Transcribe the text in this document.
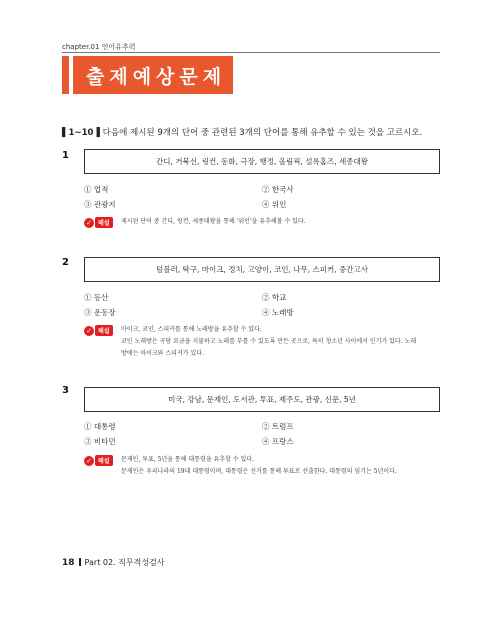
chapter.01 언어유추력
출제예상문제
▌1~10▐ 다음에 제시된 9개의 단어 중 관련된 3개의 단어를 통해 유추할 수 있는 것을 고르시오.
1
간디, 거북선, 링컨, 동화, 극장, 행정, 올림픽, 설록홈즈, 세종대왕
① 업적	② 한국사
③ 관광지	④ 위인
✓	해설	제시된 단어 중 간디, 링컨, 세종대왕을 통해 '위인'을 유추해볼 수 있다.
2
텀블러, 탁구, 마이크, 정치, 고양이, 코인, 나무, 스피커, 중간고사
① 등산	② 학교
③ 운동장	④ 노래방
✓	해설	마이크, 코인, 스피커를 통해 노래방을 유추할 수 있다.
코인 노래방은 곡당 요금을 지불하고 노래를 부를 수 있도록 만든 곳으로, 특히 청소년 사이에서 인기가 있다. 노래
방에는 마이크와 스피커가 있다.
3
미국, 강남, 문재인, 도서관, 투표, 제주도, 관광, 신문, 5년
① 대통령	② 트럼프
③ 비타민	④ 프랑스
✓	해설	문재인, 투표, 5년을 통해 대통령을 유추할 수 있다.
문재인은 우리나라의 19대 대통령이며, 대통령은 선거를 통해 투표로 선출한다. 대통령의 임기는 5년이다.
18 Part 02. 직무적성검사
